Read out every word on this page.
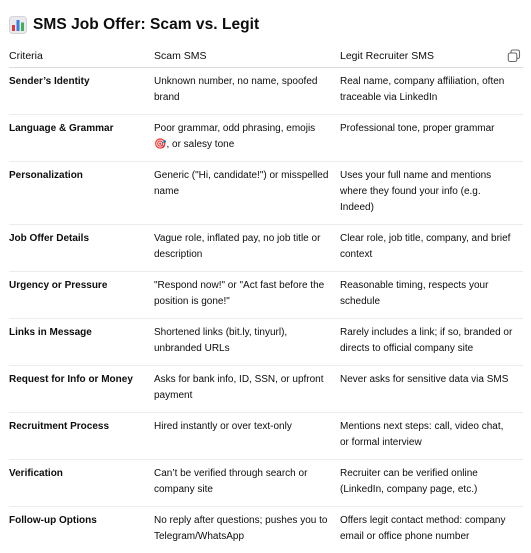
SMS Job Offer: Scam vs. Legit
Criteria	Scam SMS	Legit Recruiter SMS

Sender’s Identity	Unknown number, no name, spoofed brand	Real name, company affiliation, often traceable via LinkedIn
Language & Grammar	Poor grammar, odd phrasing, emojis 🎯, or salesy tone	Professional tone, proper grammar
Personalization	Generic ("Hi, candidate!") or misspelled name	Uses your full name and mentions where they found your info (e.g. Indeed)
Job Offer Details	Vague role, inflated pay, no job title or description	Clear role, job title, company, and brief context
Urgency or Pressure	"Respond now!" or "Act fast before the position is gone!"	Reasonable timing, respects your schedule
Links in Message	Shortened links (bit.ly, tinyurl), unbranded URLs	Rarely includes a link; if so, branded or directs to official company site
Request for Info or Money	Asks for bank info, ID, SSN, or upfront payment	Never asks for sensitive data via SMS
Recruitment Process	Hired instantly or over text-only	Mentions next steps: call, video chat, or formal interview
Verification	Can’t be verified through search or company site	Recruiter can be verified online (LinkedIn, company page, etc.)
Follow-up Options	No reply after questions; pushes you to Telegram/WhatsApp	Offers legit contact method: company email or office phone number
